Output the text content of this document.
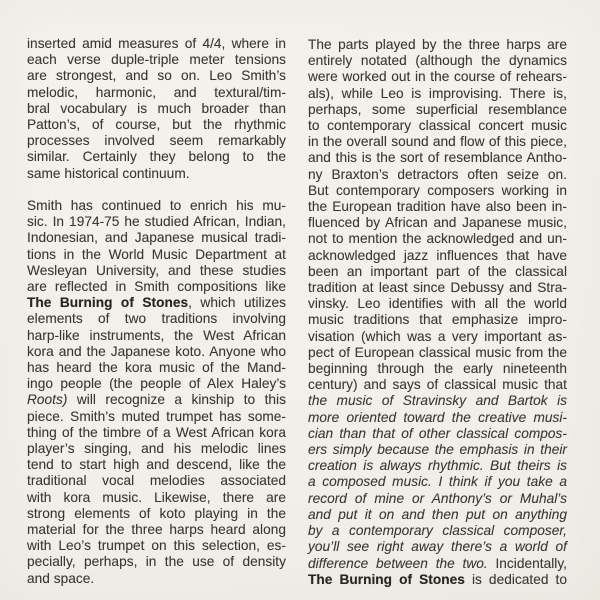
inserted amid measures of 4/4, where in
each verse duple-triple meter tensions
are strongest, and so on. Leo Smith’s
melodic, harmonic, and textural/tim-
bral vocabulary is much broader than
Patton’s, of course, but the rhythmic
processes involved seem remarkably
similar. Certainly they belong to the
same historical continuum.
Smith has continued to enrich his mu-
sic. In 1974-75 he studied African, Indian,
Indonesian, and Japanese musical tradi-
tions in the World Music Department at
Wesleyan University, and these studies
are reflected in Smith compositions like
The Burning of Stones, which utilizes
elements of two traditions involving
harp-like instruments, the West African
kora and the Japanese koto. Anyone who
has heard the kora music of the Mand-
ingo people (the people of Alex Haley’s
Roots) will recognize a kinship to this
piece. Smith’s muted trumpet has some-
thing of the timbre of a West African kora
player’s singing, and his melodic lines
tend to start high and descend, like the
traditional vocal melodies associated
with kora music. Likewise, there are
strong elements of koto playing in the
material for the three harps heard along
with Leo’s trumpet on this selection, es-
pecially, perhaps, in the use of density
and space.
The parts played by the three harps are
entirely notated (although the dynamics
were worked out in the course of rehears-
als), while Leo is improvising. There is,
perhaps, some superficial resemblance
to contemporary classical concert music
in the overall sound and flow of this piece,
and this is the sort of resemblance Antho-
ny Braxton’s detractors often seize on.
But contemporary composers working in
the European tradition have also been in-
fluenced by African and Japanese music,
not to mention the acknowledged and un-
acknowledged jazz influences that have
been an important part of the classical
tradition at least since Debussy and Stra-
vinsky. Leo identifies with all the world
music traditions that emphasize impro-
visation (which was a very important as-
pect of European classical music from the
beginning through the early nineteenth
century) and says of classical music that
the music of Stravinsky and Bartok is
more oriented toward the creative musi-
cian than that of other classical compos-
ers simply because the emphasis in their
creation is always rhythmic. But theirs is
a composed music. I think if you take a
record of mine or Anthony’s or Muhal’s
and put it on and then put on anything
by a contemporary classical composer,
you’ll see right away there’s a world of
difference between the two. Incidentally,
The Burning of Stones is dedicated to
